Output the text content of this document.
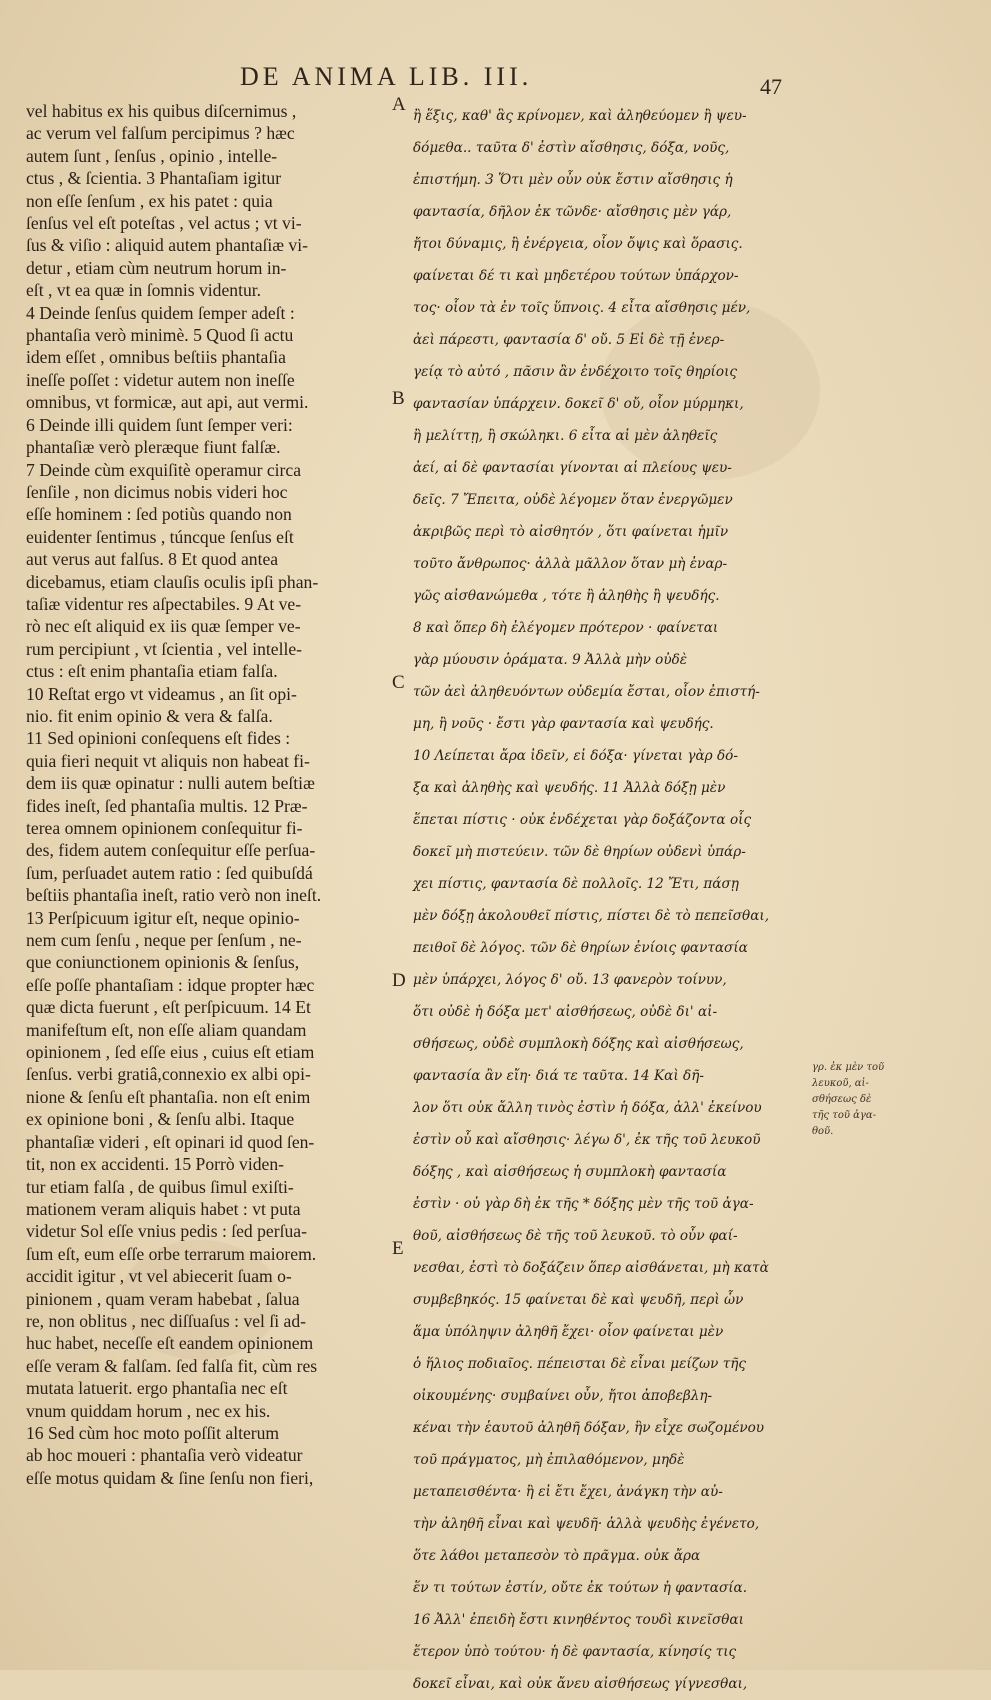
DE ANIMA LIB. III.	47

vel habitus ex his quibus diſcernimus ,

ac verum vel falſum percipimus ? hæc

autem ſunt , ſenſus , opinio , intelle-

ctus , & ſcientia. 3 Phantaſiam igitur

non eſſe ſenſum , ex his patet : quia

ſenſus vel eſt poteſtas , vel actus ; vt vi-

ſus & viſio : aliquid autem phantaſiæ vi-

detur , etiam cùm neutrum horum in-

eſt , vt ea quæ in ſomnis videntur.

4 Deinde ſenſus quidem ſemper adeſt :

phantaſia verò minimè. 5 Quod ſi actu

idem eſſet , omnibus beſtiis phantaſia

ineſſe poſſet : videtur autem non ineſſe

omnibus, vt formicæ, aut api, aut vermi.

6 Deinde illi quidem ſunt ſemper veri:

phantaſiæ verò pleræque fiunt falſæ.

7 Deinde cùm exquiſitè operamur circa

ſenſile , non dicimus nobis videri hoc

eſſe hominem : ſed potiùs quando non

euidenter ſentimus , túncque ſenſus eſt

aut verus aut falſus. 8 Et quod antea

dicebamus, etiam clauſis oculis ipſi phan-

taſiæ videntur res aſpectabiles. 9 At ve-

rò nec eſt aliquid ex iis quæ ſemper ve-

rum percipiunt , vt ſcientia , vel intelle-

ctus : eſt enim phantaſia etiam falſa.

10 Reſtat ergo vt videamus , an ſit opi-

nio. fit enim opinio & vera & falſa.

11 Sed opinioni conſequens eſt fides :

quia fieri nequit vt aliquis non habeat fi-

dem iis quæ opinatur : nulli autem beſtiæ

fides ineſt, ſed phantaſia multis. 12 Præ-

terea omnem opinionem conſequitur fi-

des, fidem autem conſequitur eſſe perſua-

ſum, perſuadet autem ratio : ſed quibuſdá

beſtiis phantaſia ineſt, ratio verò non ineſt.

13 Perſpicuum igitur eſt, neque opinio-

nem cum ſenſu , neque per ſenſum , ne-

que coniunctionem opinionis & ſenſus,

eſſe poſſe phantaſiam : idque propter hæc

quæ dicta fuerunt , eſt perſpicuum. 14 Et

manifeſtum eſt, non eſſe aliam quandam

opinionem , ſed eſſe eius , cuius eſt etiam

ſenſus. verbi gratiâ,connexio ex albi opi-

nione & ſenſu eſt phantaſia. non eſt enim

ex opinione boni , & ſenſu albi. Itaque

phantaſiæ videri , eſt opinari id quod ſen-

tit, non ex accidenti. 15 Porrò viden-

tur etiam falſa , de quibus ſimul exiſti-

mationem veram aliquis habet : vt puta

videtur Sol eſſe vnius pedis : ſed perſua-

ſum eſt, eum eſſe orbe terrarum maiorem.

accidit igitur , vt vel abiecerit ſuam o-

pinionem , quam veram habebat , ſalua

re, non oblitus , nec diſſuaſus : vel ſi ad-

huc habet, neceſſe eſt eandem opinionem

eſſe veram & falſam. ſed falſa fit, cùm res

mutata latuerit. ergo phantaſia nec eſt

vnum quiddam horum , nec ex his.

16 Sed cùm hoc moto poſſit alterum

ab hoc moueri : phantaſia verò videatur

eſſe motus quidam & ſine ſenſu non fieri,

ἢ ἕξις, καθ' ἃς κρίνομεν, καὶ ἀληθεύομεν ἢ ψευ-

δόμεθα.. ταῦτα δ' ἐστὶν αἴσθησις, δόξα, νοῦς,

ἐπιστήμη. 3 Ὅτι μὲν οὖν οὐκ ἔστιν αἴσθησις ἡ

φαντασία, δῆλον ἐκ τῶνδε· αἴσθησις μὲν γάρ,

ἤτοι δύναμις, ἢ ἐνέργεια, οἷον ὄψις καὶ ὅρασις.

φαίνεται δέ τι καὶ μηδετέρου τούτων ὑπάρχον-

τος· οἷον τὰ ἐν τοῖς ὕπνοις. 4 εἶτα αἴσθησις μέν,

ἀεὶ πάρεστι, φαντασία δ' οὔ. 5 Εἰ δὲ τῇ ἐνερ-

γείᾳ τὸ αὐτό , πᾶσιν ἂν ἐνδέχοιτο τοῖς θηρίοις

φαντασίαν ὑπάρχειν. δοκεῖ δ' οὔ, οἷον μύρμηκι,

ἢ μελίττῃ, ἢ σκώληκι. 6 εἶτα αἱ μὲν ἀληθεῖς

ἀεί, αἱ δὲ φαντασίαι γίνονται αἱ πλείους ψευ-

δεῖς. 7 Ἔπειτα, οὐδὲ λέγομεν ὅταν ἐνεργῶμεν

ἀκριβῶς περὶ τὸ αἰσθητόν , ὅτι φαίνεται ἡμῖν

τοῦτο ἄνθρωπος· ἀλλὰ μᾶλλον ὅταν μὴ ἐναρ-

γῶς αἰσθανώμεθα , τότε ἢ ἀληθὴς ἢ ψευδής.

8 καὶ ὅπερ δὴ ἐλέγομεν πρότερον · φαίνεται

γὰρ μύουσιν ὁράματα. 9 Ἀλλὰ μὴν οὐδὲ

τῶν ἀεὶ ἀληθευόντων οὐδεμία ἔσται, οἷον ἐπιστή-

μη, ἢ νοῦς · ἔστι γὰρ φαντασία καὶ ψευδής.

10 Λείπεται ἄρα ἰδεῖν, εἰ δόξα· γίνεται γὰρ δό-

ξα καὶ ἀληθὴς καὶ ψευδής. 11 Ἀλλὰ δόξῃ μὲν

ἕπεται πίστις · οὐκ ἐνδέχεται γὰρ δοξάζοντα οἷς

δοκεῖ μὴ πιστεύειν. τῶν δὲ θηρίων οὐδενὶ ὑπάρ-

χει πίστις, φαντασία δὲ πολλοῖς. 12 Ἔτι, πάσῃ

μὲν δόξῃ ἀκολουθεῖ πίστις, πίστει δὲ τὸ πεπεῖσθαι,

πειθοῖ δὲ λόγος. τῶν δὲ θηρίων ἐνίοις φαντασία

μὲν ὑπάρχει, λόγος δ' οὔ. 13 φανερὸν τοίνυν,

ὅτι οὐδὲ ἡ δόξα μετ' αἰσθήσεως, οὐδὲ δι' αἰ-

σθήσεως, οὐδὲ συμπλοκὴ δόξης καὶ αἰσθήσεως,

φαντασία ἂν εἴη· διά τε ταῦτα. 14 Καὶ δῆ-

λον ὅτι οὐκ ἄλλη τινὸς ἐστὶν ἡ δόξα, ἀλλ' ἐκείνου

ἐστὶν οὗ καὶ αἴσθησις· λέγω δ', ἐκ τῆς τοῦ λευκοῦ

δόξης , καὶ αἰσθήσεως ἡ συμπλοκὴ φαντασία

ἐστὶν · οὐ γὰρ δὴ ἐκ τῆς * δόξης μὲν τῆς τοῦ ἀγα-

θοῦ, αἰσθήσεως δὲ τῆς τοῦ λευκοῦ. τὸ οὖν φαί-

νεσθαι, ἐστὶ τὸ δοξάζειν ὅπερ αἰσθάνεται, μὴ κατὰ

συμβεβηκός. 15 φαίνεται δὲ καὶ ψευδῆ, περὶ ὧν

ἅμα ὑπόληψιν ἀληθῆ ἔχει· οἷον φαίνεται μὲν

ὁ ἥλιος ποδιαῖος. πέπεισται δὲ εἶναι μείζων τῆς

οἰκουμένης· συμβαίνει οὖν, ἤτοι ἀποβεβλη-

κέναι τὴν ἑαυτοῦ ἀληθῆ δόξαν, ἣν εἶχε σωζομένου

τοῦ πράγματος, μὴ ἐπιλαθόμενον, μηδὲ

μεταπεισθέντα· ἢ εἰ ἔτι ἔχει, ἀνάγκη τὴν αὐ-

τὴν ἀληθῆ εἶναι καὶ ψευδῆ· ἀλλὰ ψευδὴς ἐγένετο,

ὅτε λάθοι μεταπεσὸν τὸ πρᾶγμα. οὐκ ἄρα

ἕν τι τούτων ἐστίν, οὔτε ἐκ τούτων ἡ φαντασία.

16 Ἀλλ' ἐπειδὴ ἔστι κινηθέντος τουδὶ κινεῖσθαι

ἕτερον ὑπὸ τούτου· ἡ δὲ φαντασία, κίνησίς τις

δοκεῖ εἶναι, καὶ οὐκ ἄνευ αἰσθήσεως γίγνεσθαι,

A
B
C
D
E

γρ. ἐκ μὲν τοῦ

λευκοῦ, αἰ-

σθήσεως δὲ

τῆς τοῦ ἀγα-

θοῦ.
